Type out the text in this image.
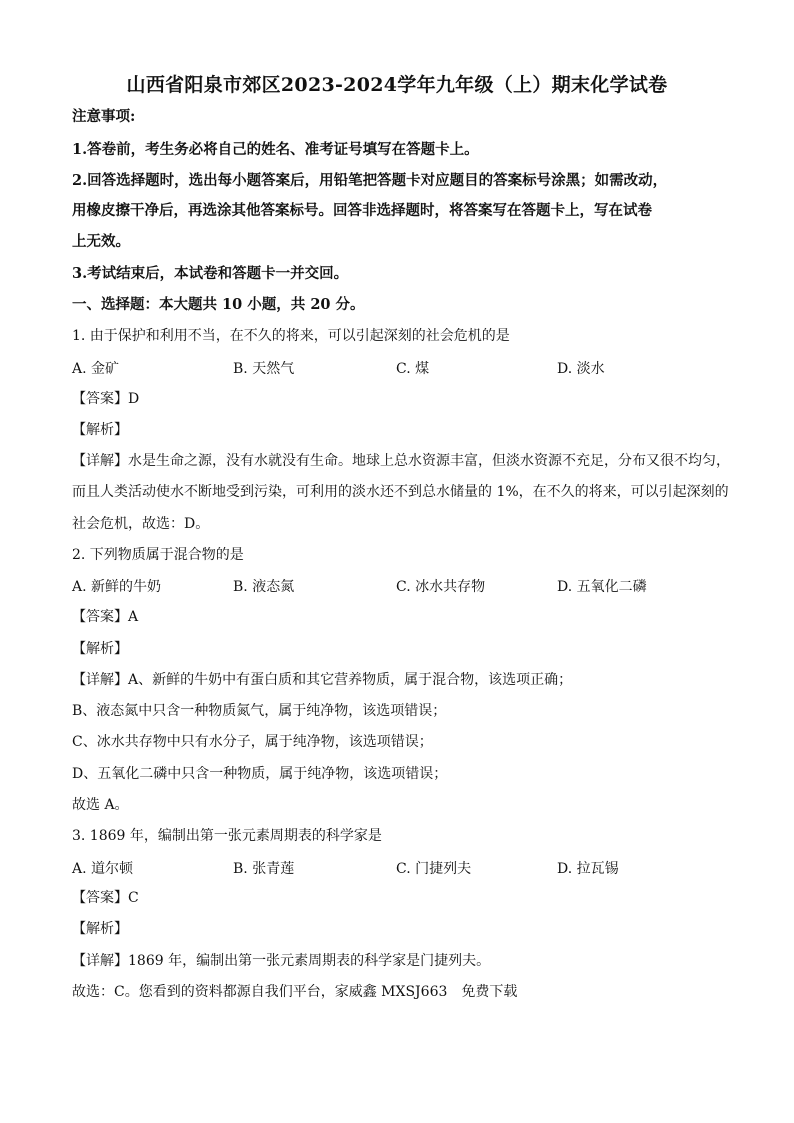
山西省阳泉市郊区2023-2024学年九年级（上）期末化学试卷
注意事项:
1.答卷前，考生务必将自己的姓名、准考证号填写在答题卡上。
2.回答选择题时，选出每小题答案后，用铅笔把答题卡对应题目的答案标号涂黑；如需改动，
用橡皮擦干净后，再选涂其他答案标号。回答非选择题时，将答案写在答题卡上，写在试卷
上无效。
3.考试结束后，本试卷和答题卡一并交回。
一、选择题：本大题共 10 小题，共 20 分。
1. 由于保护和利用不当，在不久的将来，可以引起深刻的社会危机的是
A. 金矿	B. 天然气	C. 煤	D. 淡水
【答案】D
【解析】
【详解】水是生命之源，没有水就没有生命。地球上总水资源丰富，但淡水资源不充足，分布又很不均匀，
而且人类活动使水不断地受到污染，可利用的淡水还不到总水储量的 1%，在不久的将来，可以引起深刻的
社会危机，故选：D。
2. 下列物质属于混合物的是
A. 新鲜的牛奶	B. 液态氮	C. 冰水共存物	D. 五氧化二磷
【答案】A
【解析】
【详解】A、新鲜的牛奶中有蛋白质和其它营养物质，属于混合物，该选项正确；
B、液态氮中只含一种物质氮气，属于纯净物，该选项错误；
C、冰水共存物中只有水分子，属于纯净物，该选项错误；
D、五氧化二磷中只含一种物质，属于纯净物，该选项错误；
故选 A。
3. 1869 年，编制出第一张元素周期表的科学家是
A. 道尔顿	B. 张青莲	C. 门捷列夫	D. 拉瓦锡
【答案】C
【解析】
【详解】1869 年，编制出第一张元素周期表的科学家是门捷列夫。
故选：C。您看到的资料都源自我们平台，家威鑫 MXSJ663　免费下载
